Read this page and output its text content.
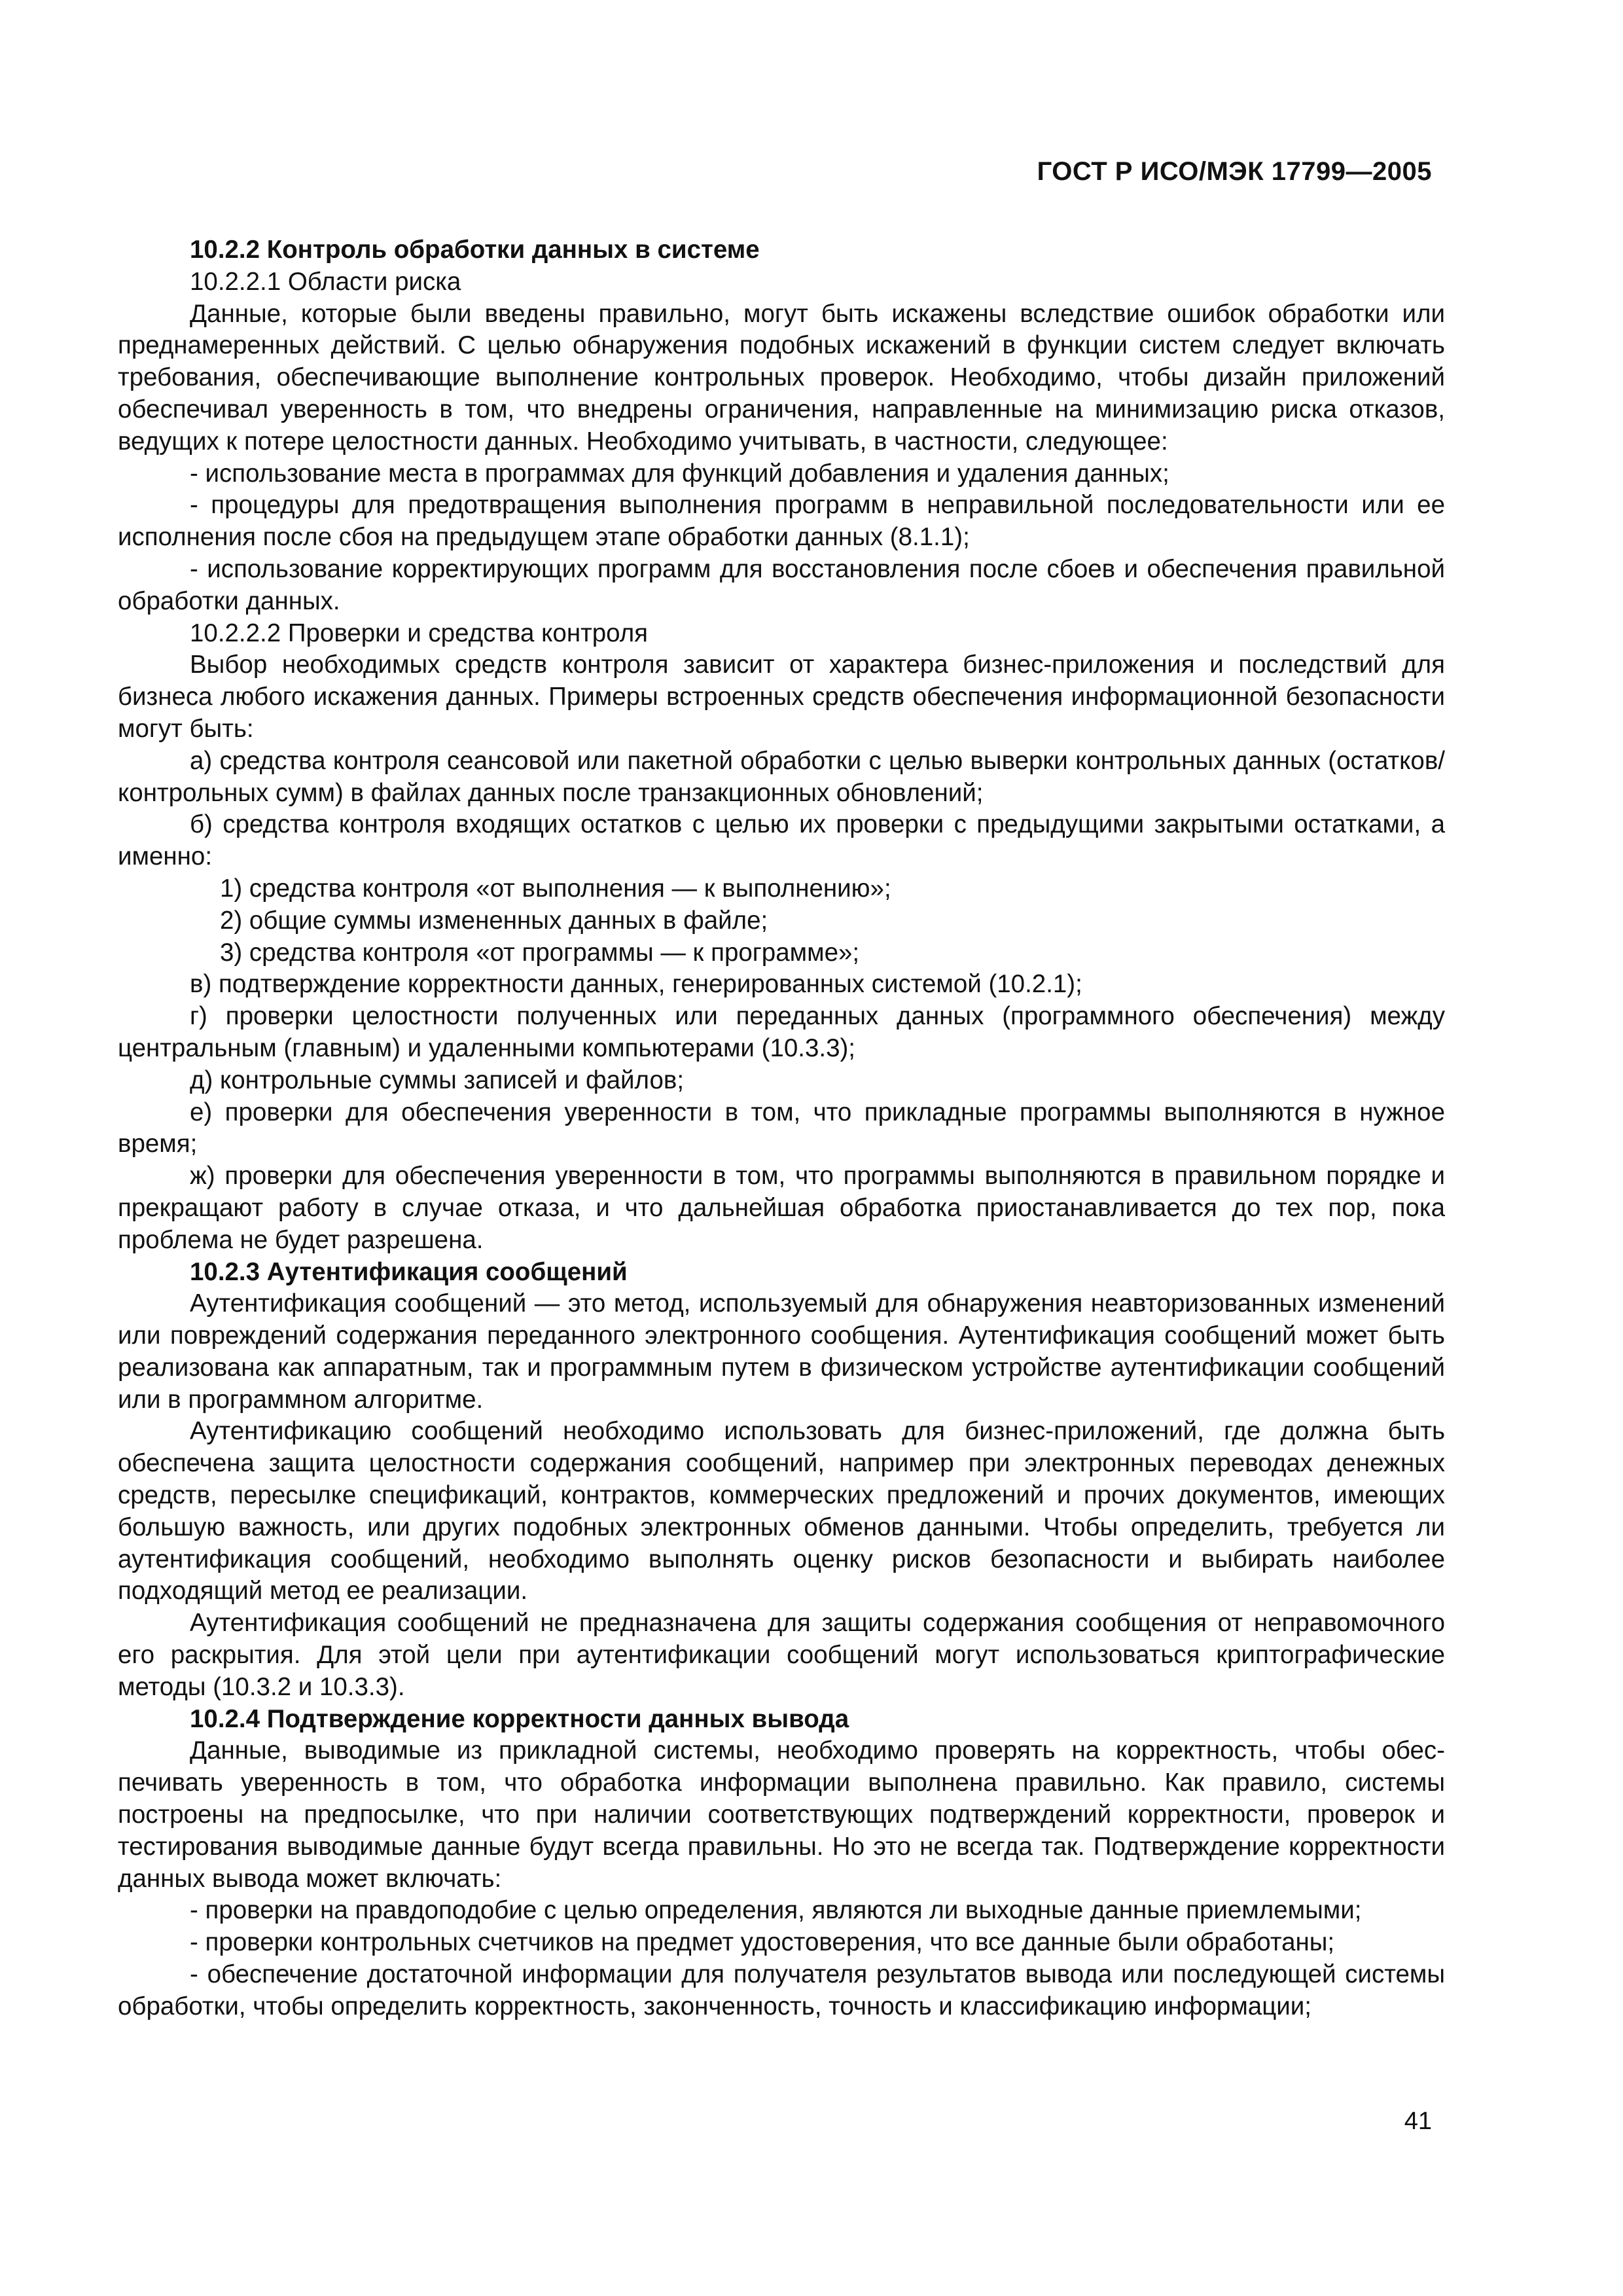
ГОСТ Р ИСО/МЭК 17799—2005

10.2.2 Контроль обработки данных в системе

10.2.2.1 Области риска

Данные, которые были введены правильно, могут быть искажены вследствие ошибок обработки или преднамеренных действий. С целью обнаружения подобных искажений в функции систем следует включать требования, обеспечивающие выполнение контрольных проверок. Необходимо, чтобы дизайн приложений обеспечивал уверенность в том, что внедрены ограничения, направленные на минимизацию риска отказов, ведущих к потере целостности данных. Необходимо учитывать, в частности, следующее:

- использование места в программах для функций добавления и удаления данных;

- процедуры для предотвращения выполнения программ в неправильной последовательности или ее исполнения после сбоя на предыдущем этапе обработки данных (8.1.1);

- использование корректирующих программ для восстановления после сбоев и обеспечения правильной обработки данных.

10.2.2.2 Проверки и средства контроля

Выбор необходимых средств контроля зависит от характера бизнес-приложения и последствий для бизнеса любого искажения данных. Примеры встроенных средств обеспечения информационной безопасности могут быть:

а) средства контроля сеансовой или пакетной обработки с целью выверки контрольных данных (остатков/контрольных сумм) в файлах данных после транзакционных обновлений;

б) средства контроля входящих остатков с целью их проверки с предыдущими закрытыми остатками, а именно:

1) средства контроля «от выполнения — к выполнению»;

2) общие суммы измененных данных в файле;

3) средства контроля «от программы — к программе»;

в) подтверждение корректности данных, генерированных системой (10.2.1);

г) проверки целостности полученных или переданных данных (программного обеспечения) между центральным (главным) и удаленными компьютерами (10.3.3);

д) контрольные суммы записей и файлов;

е) проверки для обеспечения уверенности в том, что прикладные программы выполняются в нужное время;

ж) проверки для обеспечения уверенности в том, что программы выполняются в правильном порядке и прекращают работу в случае отказа, и что дальнейшая обработка приостанавливается до тех пор, пока проблема не будет разрешена.

10.2.3 Аутентификация сообщений

Аутентификация сообщений — это метод, используемый для обнаружения неавторизованных изменений или повреждений содержания переданного электронного сообщения. Аутентификация сообщений может быть реализована как аппаратным, так и программным путем в физическом устройстве аутентификации сообщений или в программном алгоритме.

Аутентификацию сообщений необходимо использовать для бизнес-приложений, где должна быть обеспечена защита целостности содержания сообщений, например при электронных переводах денежных средств, пересылке спецификаций, контрактов, коммерческих предложений и прочих документов, имеющих большую важность, или других подобных электронных обменов данными. Чтобы определить, требуется ли аутентификация сообщений, необходимо выполнять оценку рисков безопасности и выбирать наиболее подходящий метод ее реализации.

Аутентификация сообщений не предназначена для защиты содержания сообщения от неправомочного его раскрытия. Для этой цели при аутентификации сообщений могут использоваться криптографические методы (10.3.2 и 10.3.3).

10.2.4 Подтверждение корректности данных вывода

Данные, выводимые из прикладной системы, необходимо проверять на корректность, чтобы обеспечивать уверенность в том, что обработка информации выполнена правильно. Как правило, системы построены на предпосылке, что при наличии соответствующих подтверждений корректности, проверок и тестирования выводимые данные будут всегда правильны. Но это не всегда так. Подтверждение корректности данных вывода может включать:

- проверки на правдоподобие с целью определения, являются ли выходные данные приемлемыми;

- проверки контрольных счетчиков на предмет удостоверения, что все данные были обработаны;

- обеспечение достаточной информации для получателя результатов вывода или последующей системы обработки, чтобы определить корректность, законченность, точность и классификацию информации;

41
